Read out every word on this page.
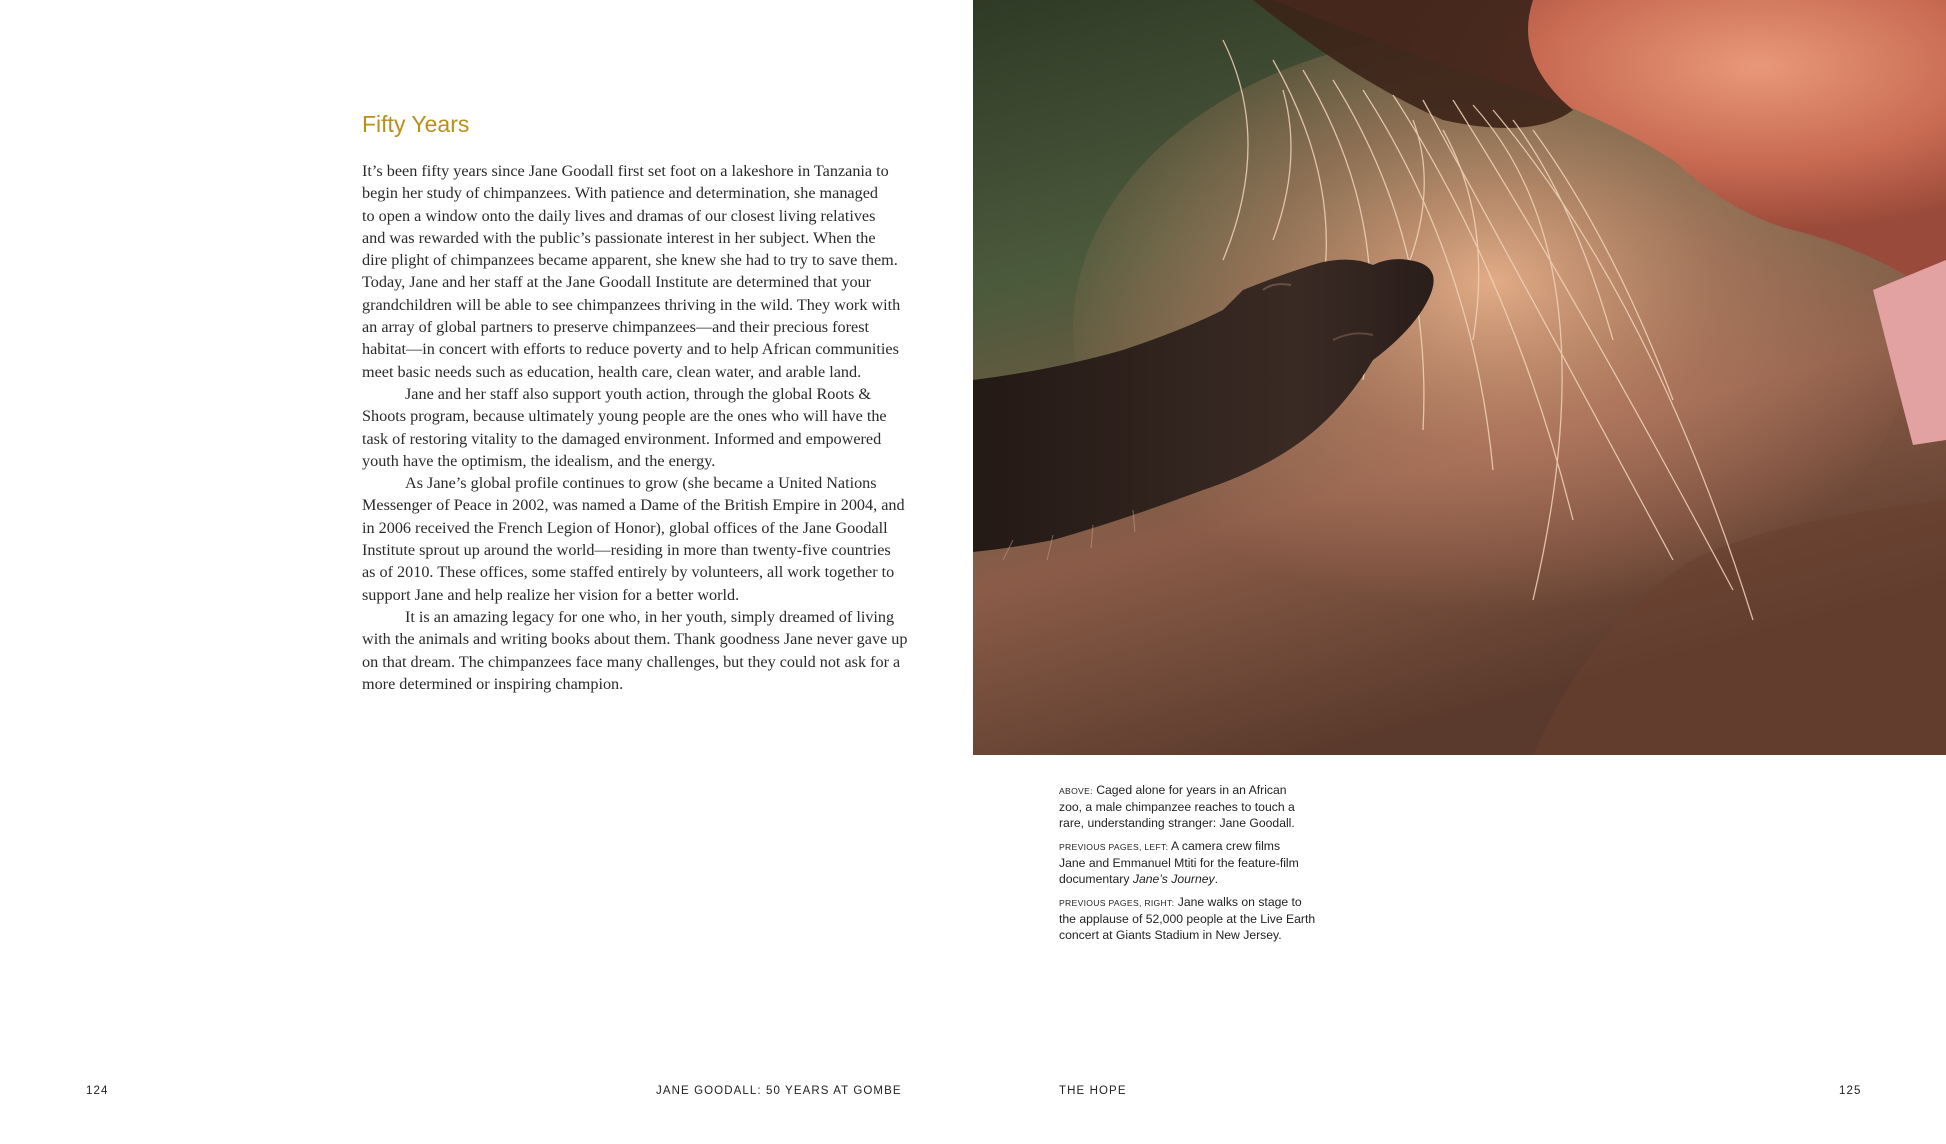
Fifty Years

It’s been fifty years since Jane Goodall first set foot on a lakeshore in Tanzania to
begin her study of chimpanzees. With patience and determination, she managed
to open a window onto the daily lives and dramas of our closest living relatives
and was rewarded with the public’s passionate interest in her subject. When the
dire plight of chimpanzees became apparent, she knew she had to try to save them.
Today, Jane and her staff at the Jane Goodall Institute are determined that your
grandchildren will be able to see chimpanzees thriving in the wild. They work with
an array of global partners to preserve chimpanzees—and their precious forest
habitat—in concert with efforts to reduce poverty and to help African communities
meet basic needs such as education, health care, clean water, and arable land.

Jane and her staff also support youth action, through the global Roots &
Shoots program, because ultimately young people are the ones who will have the
task of restoring vitality to the damaged environment. Informed and empowered
youth have the optimism, the idealism, and the energy.

As Jane’s global profile continues to grow (she became a United Nations
Messenger of Peace in 2002, was named a Dame of the British Empire in 2004, and
in 2006 received the French Legion of Honor), global offices of the Jane Goodall
Institute sprout up around the world—residing in more than twenty-five countries
as of 2010. These offices, some staffed entirely by volunteers, all work together to
support Jane and help realize her vision for a better world.

It is an amazing legacy for one who, in her youth, simply dreamed of living
with the animals and writing books about them. Thank goodness Jane never gave up
on that dream. The chimpanzees face many challenges, but they could not ask for a
more determined or inspiring champion.

ABOVE: Caged alone for years in an African
zoo, a male chimpanzee reaches to touch a
rare, understanding stranger: Jane Goodall.

PREVIOUS PAGES, LEFT: A camera crew films
Jane and Emmanuel Mtiti for the feature-film
documentary Jane’s Journey.

PREVIOUS PAGES, RIGHT: Jane walks on stage to
the applause of 52,000 people at the Live Earth
concert at Giants Stadium in New Jersey.

124	JANE GOODALL: 50 YEARS AT GOMBE	THE HOPE	125
